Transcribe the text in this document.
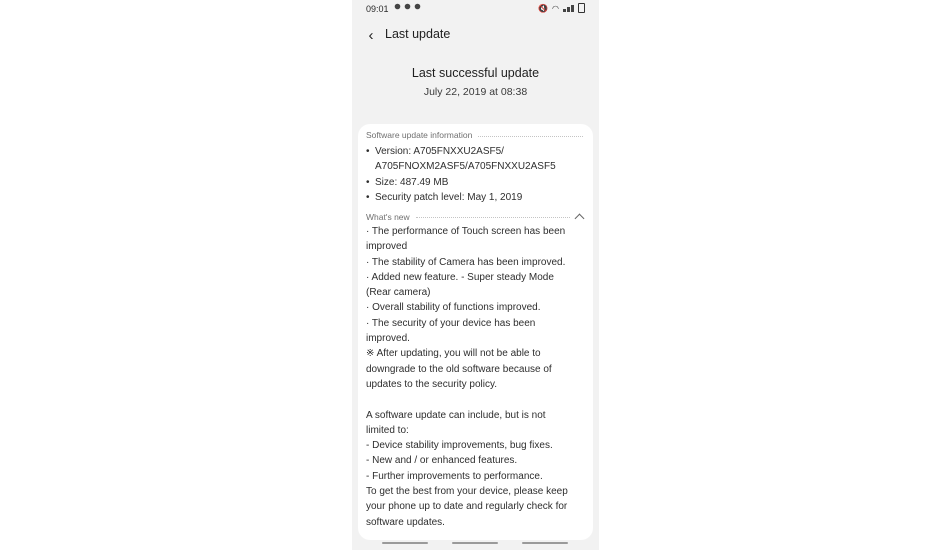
09:01	🔇 ◠
‹ Last update
Last successful update
July 22, 2019 at 08:38
Software update information
• Version: A705FNXXU2ASF5/
A705FNOXM2ASF5/A705FNXXU2ASF5
• Size: 487.49 MB
• Security patch level: May 1, 2019
What's new

· The performance of Touch screen has been

improved

· The stability of Camera has been improved.

· Added new feature. - Super steady Mode

(Rear camera)

· Overall stability of functions improved.

· The security of your device has been

improved.

※ After updating, you will not be able to

downgrade to the old software because of

updates to the security policy.

A software update can include, but is not

limited to:

- Device stability improvements, bug fixes.

- New and / or enhanced features.

- Further improvements to performance.

To get the best from your device, please keep

your phone up to date and regularly check for

software updates.
